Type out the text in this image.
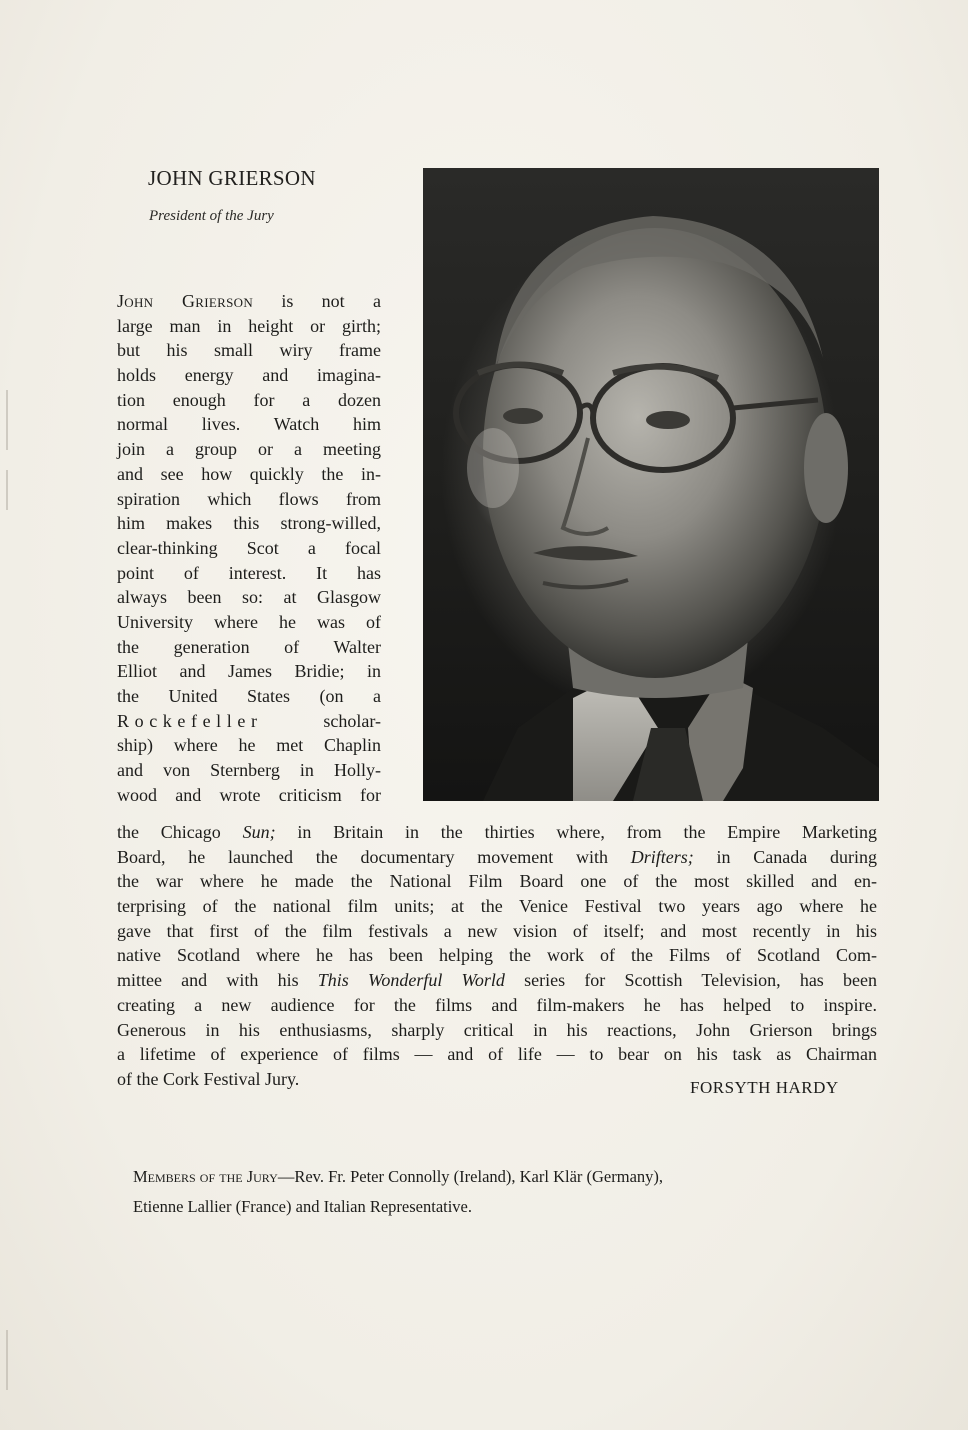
JOHN GRIERSON
President of the Jury
John Grierson is not a
large man in height or girth;
but his small wiry frame
holds energy and imagina-
tion enough for a dozen
normal lives. Watch him
join a group or a meeting
and see how quickly the in-
spiration which flows from
him makes this strong-willed,
clear-thinking Scot a focal
point of interest. It has
always been so: at Glasgow
University where he was of
the generation of Walter
Elliot and James Bridie; in
the United States (on a
Rockefeller scholar-
ship) where he met Chaplin
and von Sternberg in Holly-
wood and wrote criticism for
the Chicago Sun; in Britain in the thirties where, from the Empire Marketing
Board, he launched the documentary movement with Drifters; in Canada during
the war where he made the National Film Board one of the most skilled and en-
terprising of the national film units; at the Venice Festival two years ago where he
gave that first of the film festivals a new vision of itself; and most recently in his
native Scotland where he has been helping the work of the Films of Scotland Com-
mittee and with his This Wonderful World series for Scottish Television, has been
creating a new audience for the films and film-makers he has helped to inspire.
Generous in his enthusiasms, sharply critical in his reactions, John Grierson brings
a lifetime of experience of films — and of life — to bear on his task as Chairman
of the Cork Festival Jury.	FORSYTH HARDY
Members of the Jury—Rev. Fr. Peter Connolly (Ireland), Karl Klär (Germany),
Etienne Lallier (France) and Italian Representative.
